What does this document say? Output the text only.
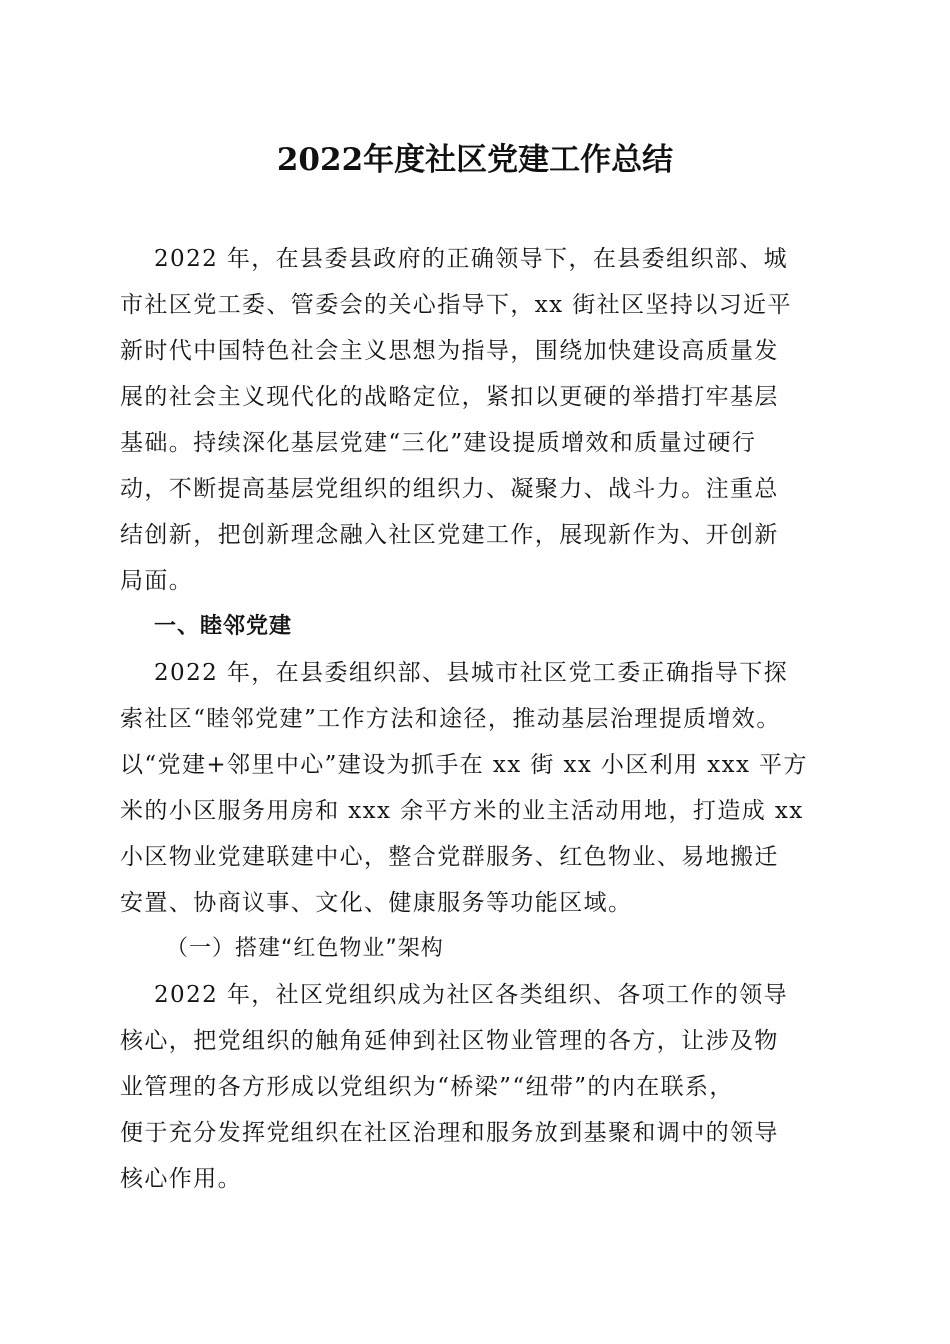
2022年度社区党建工作总结
2022 年，在县委县政府的正确领导下，在县委组织部、城
市社区党工委、管委会的关心指导下，xx 街社区坚持以习近平
新时代中国特色社会主义思想为指导，围绕加快建设高质量发
展的社会主义现代化的战略定位，紧扣以更硬的举措打牢基层
基础。持续深化基层党建“三化”建设提质增效和质量过硬行
动，不断提高基层党组织的组织力、凝聚力、战斗力。注重总
结创新，把创新理念融入社区党建工作，展现新作为、开创新
局面。
一、睦邻党建
2022 年，在县委组织部、县城市社区党工委正确指导下探
索社区“睦邻党建”工作方法和途径，推动基层治理提质增效。
以“党建+邻里中心”建设为抓手在 xx 街 xx 小区利用 xxx 平方
米的小区服务用房和 xxx 余平方米的业主活动用地，打造成 xx
小区物业党建联建中心，整合党群服务、红色物业、易地搬迁
安置、协商议事、文化、健康服务等功能区域。
（一）搭建“红色物业”架构
2022 年，社区党组织成为社区各类组织、各项工作的领导
核心，把党组织的触角延伸到社区物业管理的各方，让涉及物
业管理的各方形成以党组织为“桥梁”“纽带”的内在联系，
便于充分发挥党组织在社区治理和服务放到基聚和调中的领导
核心作用。
